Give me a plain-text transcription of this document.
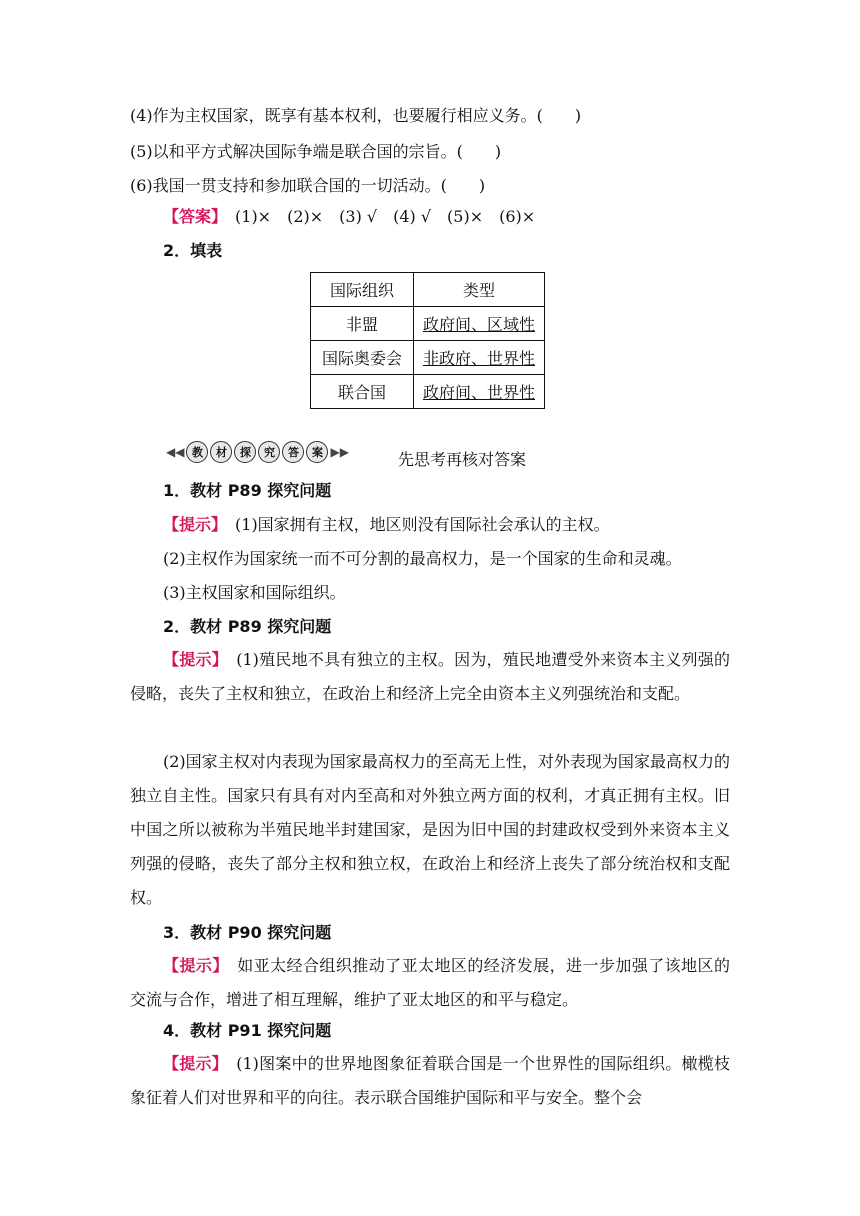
(4)作为主权国家，既享有基本权利，也要履行相应义务。(　　)
(5)以和平方式解决国际争端是联合国的宗旨。(　　)
(6)我国一贯支持和参加联合国的一切活动。(　　)
【答案】　(1)×　(2)×　(3) √　(4) √　(5)×　(6)×
2．填表
国际组织	类型
非盟	政府间、区域性
国际奥委会	非政府、世界性
联合国	政府间、世界性
◀◀ 教	材	探	究	答	案 ▶▶	先思考再核对答案
1．教材 P89 探究问题
【提示】　(1)国家拥有主权，地区则没有国际社会承认的主权。
(2)主权作为国家统一而不可分割的最高权力，是一个国家的生命和灵魂。
(3)主权国家和国际组织。
2．教材 P89 探究问题
【提示】　(1)殖民地不具有独立的主权。因为，殖民地遭受外来资本主义列强的侵略，丧失了主权和独立，在政治上和经济上完全由资本主义列强统治和支配。
(2)国家主权对内表现为国家最高权力的至高无上性，对外表现为国家最高权力的独立自主性。国家只有具有对内至高和对外独立两方面的权利，才真正拥有主权。旧中国之所以被称为半殖民地半封建国家，是因为旧中国的封建政权受到外来资本主义列强的侵略，丧失了部分主权和独立权，在政治上和经济上丧失了部分统治权和支配权。
3．教材 P90 探究问题
【提示】　如亚太经合组织推动了亚太地区的经济发展，进一步加强了该地区的交流与合作，增进了相互理解，维护了亚太地区的和平与稳定。
4．教材 P91 探究问题
【提示】　(1)图案中的世界地图象征着联合国是一个世界性的国际组织。橄榄枝象征着人们对世界和平的向往。表示联合国维护国际和平与安全。整个会
